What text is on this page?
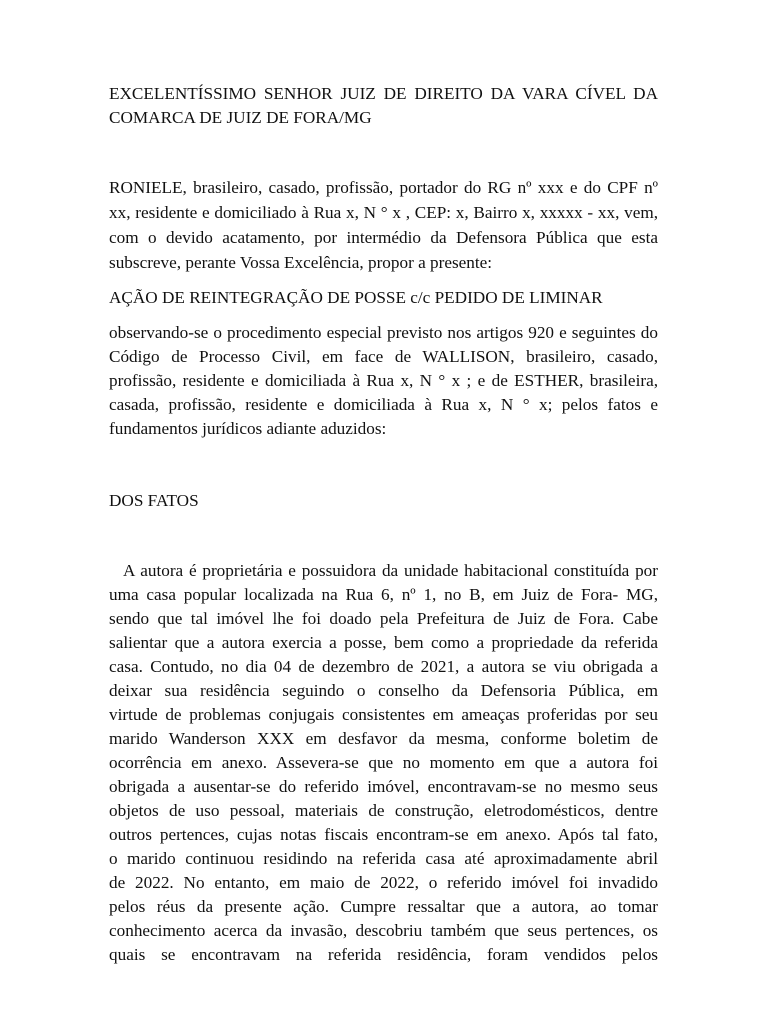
EXCELENTÍSSIMO SENHOR JUIZ DE DIREITO DA VARA CÍVEL DA COMARCA DE JUIZ DE FORA/MG
RONIELE, brasileiro, casado, profissão, portador do RG nº xxx e do CPF nº xx, residente e domiciliado à Rua x, N ° x , CEP: x, Bairro x, xxxxx - xx, vem, com o devido acatamento, por intermédio da Defensora Pública que esta subscreve, perante Vossa Excelência, propor a presente:
AÇÃO DE REINTEGRAÇÃO DE POSSE c/c PEDIDO DE LIMINAR
observando-se o procedimento especial previsto nos artigos 920 e seguintes do Código de Processo Civil, em face de WALLISON, brasileiro, casado, profissão, residente e domiciliada à Rua x, N ° x ; e de ESTHER, brasileira, casada, profissão, residente e domiciliada à Rua x, N ° x; pelos fatos e fundamentos jurídicos adiante aduzidos:
DOS FATOS
A autora é proprietária e possuidora da unidade habitacional constituída por
uma casa popular localizada na Rua 6, nº 1, no B, em Juiz de Fora- MG,
sendo que tal imóvel lhe foi doado pela Prefeitura de Juiz de Fora. Cabe
salientar que a autora exercia a posse, bem como a propriedade da referida
casa. Contudo, no dia 04 de dezembro de 2021, a autora se viu obrigada a
deixar sua residência seguindo o conselho da Defensoria Pública, em
virtude de problemas conjugais consistentes em ameaças proferidas por seu
marido Wanderson XXX em desfavor da mesma, conforme boletim de
ocorrência em anexo. Assevera-se que no momento em que a autora foi
obrigada a ausentar-se do referido imóvel, encontravam-se no mesmo seus
objetos de uso pessoal, materiais de construção, eletrodomésticos, dentre
outros pertences, cujas notas fiscais encontram-se em anexo. Após tal fato,
o marido continuou residindo na referida casa até aproximadamente abril
de 2022. No entanto, em maio de 2022, o referido imóvel foi invadido
pelos réus da presente ação. Cumpre ressaltar que a autora, ao tomar
conhecimento acerca da invasão, descobriu também que seus pertences, os
quais se encontravam na referida residência, foram vendidos pelos
